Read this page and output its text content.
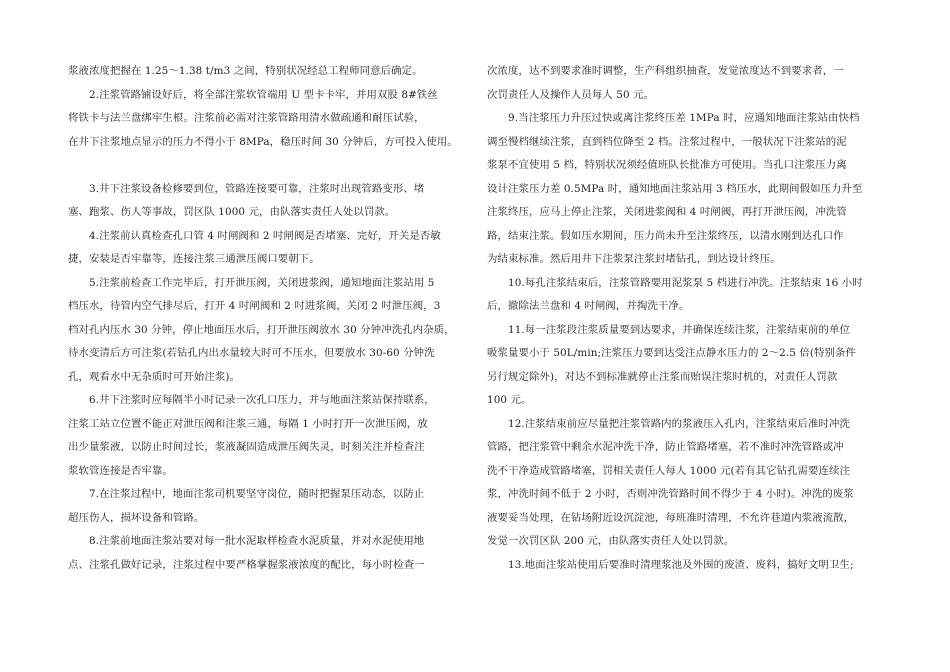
浆液浓度把握在 1.25～1.38 t/m3 之间，特别状况经总工程师同意后确定。
　　2.注浆管路铺设好后，将全部注浆软管端用 U 型卡卡牢，并用双股 8#铁丝
将铁卡与法兰盘绑牢生根。注浆前必需对注浆管路用清水做疏通和耐压试验，
在井下注浆地点显示的压力不得小于 8MPa，稳压时间 30 分钟后，方可投入使用。
　　3.井下注浆设备检修要到位，管路连接要可靠，注浆时出现管路变形、堵
塞、跑浆、伤人等事故，罚区队 1000 元，由队落实责任人处以罚款。
　　4.注浆前认真检查孔口管 4 吋闸阀和 2 吋闸阀是否堵塞、完好，开关是否敏
捷，安装是否牢靠等，连接注浆三通泄压阀口要朝下。
　　5.注浆前检查工作完毕后，打开泄压阀，关闭进浆阀，通知地面注浆站用 5
档压水，待管内空气排尽后，打开 4 吋闸阀和 2 吋进浆阀，关闭 2 吋泄压阀，3
档对孔内压水 30 分钟，停止地面压水后，打开泄压阀放水 30 分钟冲洗孔内杂质，
待水变清后方可注浆(若钻孔内出水量较大时可不压水，但要放水 30-60 分钟洗
孔，观看水中无杂质时可开始注浆)。
　　6.井下注浆时应每隔半小时记录一次孔口压力，并与地面注浆站保持联系，
注浆工站立位置不能正对泄压阀和注浆三通，每隔 1 小时打开一次泄压阀，放
出少量浆液，以防止时间过长，浆液凝固造成泄压阀失灵，时刻关注并检查注
浆软管连接是否牢靠。
　　7.在注浆过程中，地面注浆司机要坚守岗位，随时把握泵压动态，以防止
超压伤人，损坏设备和管路。
　　8.注浆前地面注浆站要对每一批水泥取样检查水泥质量，并对水泥使用地
点、注浆孔做好记录，注浆过程中要严格掌握浆液浓度的配比，每小时检查一
次浓度，达不到要求准时调整，生产科组织抽查，发觉浓度达不到要求者，一
次罚责任人及操作人员每人 50 元。
　　9.当注浆压力升压过快或离注浆终压差 1MPa 时，应通知地面注浆站由快档
调至慢档继续注浆，直到档位降至 2 档。注浆过程中，一般状况下注浆站的泥
浆泵不宜使用 5 档，特别状况须经值班队长批准方可使用。当孔口注浆压力离
设计注浆压力差 0.5MPa 时，通知地面注浆站用 3 档压水，此期间假如压力升至
注浆终压，应马上停止注浆，关闭进浆阀和 4 吋闸阀，再打开泄压阀，冲洗管
路，结束注浆。假如压水期间，压力尚未升至注浆终压，以清水刚到达孔口作
为结束标准。然后用井下注浆泵注浆封堵钻孔，到达设计终压。
　　10.每孔注浆结束后，注浆管路要用泥浆泵 5 档进行冲洗。注浆结束 16 小时
后，撤除法兰盘和 4 吋闸阀，并掏洗干净。
　　11.每一注浆段注浆质量要到达要求，并确保连续注浆，注浆结束前的单位
吸浆量要小于 50L/min;注浆压力要到达受注点静水压力的 2～2.5 倍(特别条件
另行规定除外)，对达不到标准就停止注浆而贻误注浆时机的，对责任人罚款
100 元。
　　12.注浆结束前应尽量把注浆管路内的浆液压入孔内，注浆结束后准时冲洗
管路，把注浆管中剩余水泥冲洗干净，防止管路堵塞，若不准时冲洗管路或冲
洗不干净造成管路堵塞，罚相关责任人每人 1000 元(若有其它钻孔需要连续注
浆，冲洗时间不低于 2 小时，否则冲洗管路时间不得少于 4 小时)。冲洗的废浆
液要妥当处理，在钻场附近设沉淀池，每班准时清理，不允许巷道内浆液流散，
发觉一次罚区队 200 元，由队落实责任人处以罚款。
　　13.地面注浆站使用后要准时清理浆池及外围的废渣、废料，搞好文明卫生;
